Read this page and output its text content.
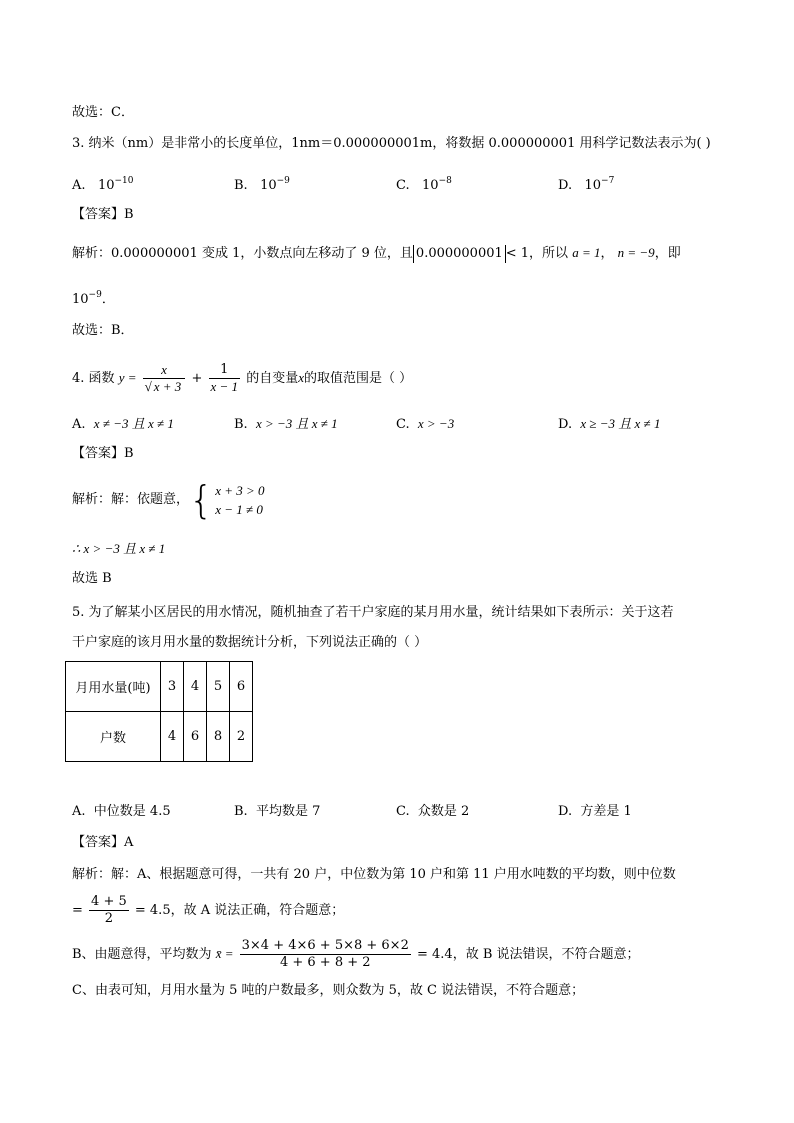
故选：C．
3. 纳米（nm）是非常小的长度单位，1nm＝0.000000001m，将数据 0.000000001 用科学记数法表示为( )
A. $10^{-10}$	B. $10^{-9}$	C. $10^{-8}$	D. $10^{-7}$
【答案】B
解析：0.000000001 变成 1，小数点向左移动了 9 位，且 0.000000001 < 1，所以 a = 1， n = −9，即
$10^{-9}$．
故选：B．
4. 函数 $y = \frac{x}{√ x + 3} + \frac{1}{x - 1}$ 的自变量x的取值范围是（ ）
A. x ≠ −3 且 x ≠ 1	B. x > −3 且 x ≠ 1	C. x > −3	D. x ≥ −3 且 x ≠ 1
【答案】B
解析：解：依题意，{ x + 3 > 0
x − 1 ≠ 0
∴ x > −3 且 x ≠ 1
故选 B
5. 为了解某小区居民的用水情况，随机抽查了若干户家庭的某月用水量，统计结果如下表所示：关于这若
干户家庭的该月用水量的数据统计分析，下列说法正确的（ ）
月用水量(吨)	3	4	5	6
户数	4	6	8	2
A. 中位数是 4.5	B. 平均数是 7	C. 众数是 2	D. 方差是 1
【答案】A
解析：解：A、根据题意可得，一共有 20 户，中位数为第 10 户和第 11 户用水吨数的平均数，则中位数
= $\frac{4 + 5}{2} = 4.5$，故 A 说法正确，符合题意；
B、由题意得，平均数为 x̄ = $\frac{3\times 4 + 4\times 6 + 5\times 8 + 6\times 2}{4 + 6 + 8 + 2} = 4.4$，故 B 说法错误，不符合题意；
C、由表可知，月用水量为 5 吨的户数最多，则众数为 5，故 C 说法错误，不符合题意；
